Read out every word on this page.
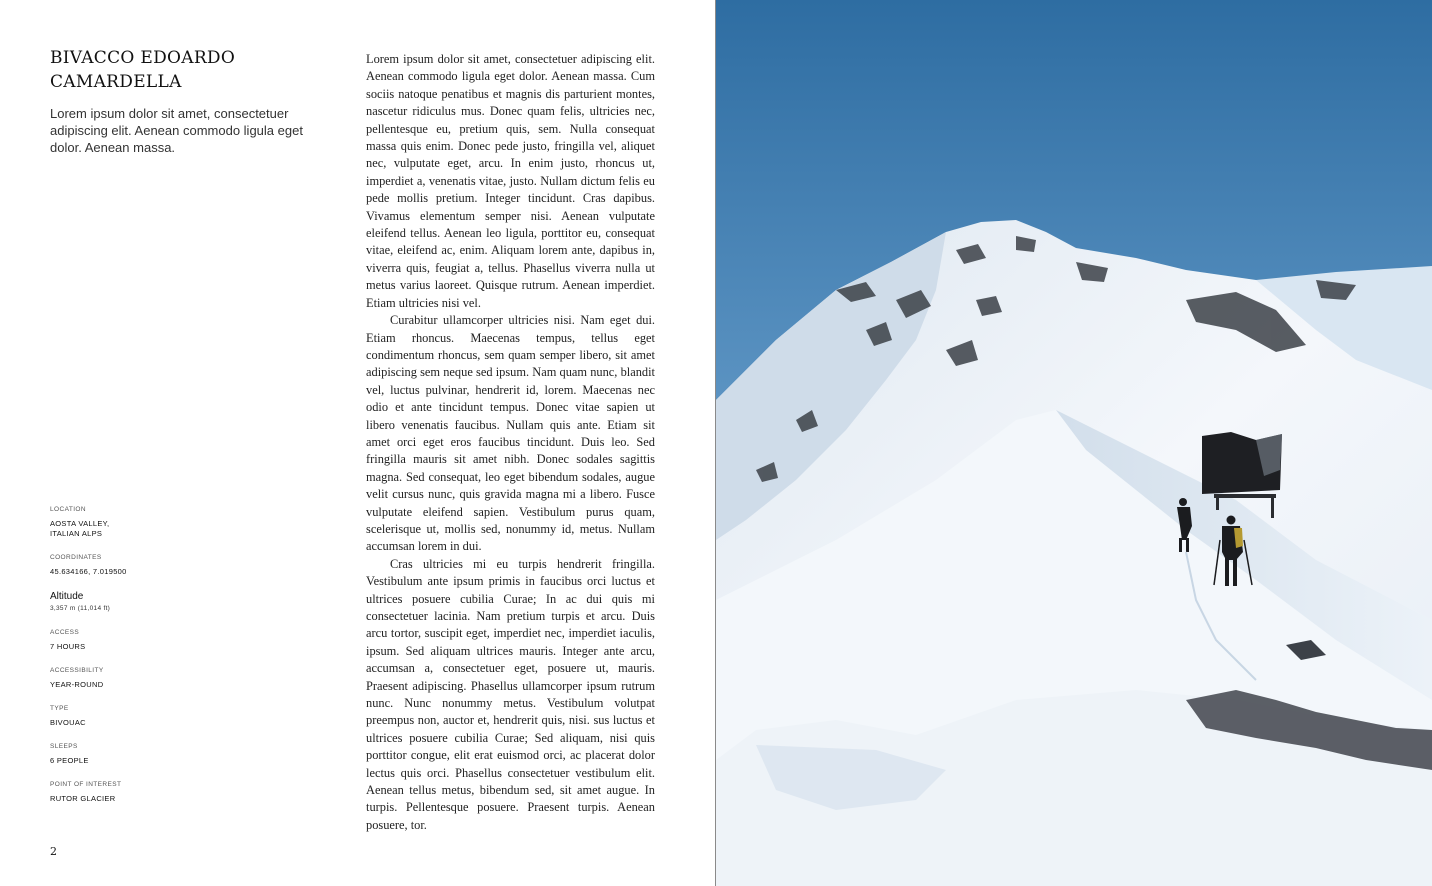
BIVACCO EDOARDO
CAMARDELLA

Lorem ipsum dolor sit amet, consectetuer adipiscing elit. Aenean commodo ligula eget dolor. Aenean massa.

LOCATION
AOSTA VALLEY,
ITALIAN ALPS
COORDINATES
45.634166, 7.019500
Altitude
3,357 m (11,014 ft)
ACCESS
7 HOURS
ACCESSIBILITY
YEAR-ROUND
TYPE
BIVOUAC
SLEEPS
6 PEOPLE
POINT OF INTEREST
RUTOR GLACIER
2

Lorem ipsum dolor sit amet, consectetuer adipiscing elit. Aenean commodo ligula eget dolor. Aenean massa. Cum sociis natoque penatibus et magnis dis parturient montes, nascetur ridiculus mus. Donec quam felis, ultricies nec, pellentesque eu, pretium quis, sem. Nulla consequat massa quis enim. Donec pede justo, fringilla vel, aliquet nec, vulputate eget, arcu. In enim justo, rhoncus ut, imperdiet a, venenatis vitae, justo. Nullam dictum felis eu pede mollis pretium. Integer tincidunt. Cras dapibus. Vivamus elementum semper nisi. Aenean vulputate eleifend tellus. Aenean leo ligula, porttitor eu, consequat vitae, eleifend ac, enim. Aliquam lorem ante, dapibus in, viverra quis, feugiat a, tellus. Phasellus viverra nulla ut metus varius laoreet. Quisque rutrum. Aenean imperdiet. Etiam ultricies nisi vel.

Curabitur ullamcorper ultricies nisi. Nam eget dui. Etiam rhoncus. Maecenas tempus, tellus eget condimentum rhoncus, sem quam semper libero, sit amet adipiscing sem neque sed ipsum. Nam quam nunc, blandit vel, luctus pulvinar, hendrerit id, lorem. Maecenas nec odio et ante tincidunt tempus. Donec vitae sapien ut libero venenatis faucibus. Nullam quis ante. Etiam sit amet orci eget eros faucibus tincidunt. Duis leo. Sed fringilla mauris sit amet nibh. Donec sodales sagittis magna. Sed consequat, leo eget bibendum sodales, augue velit cursus nunc, quis gravida magna mi a libero. Fusce vulputate eleifend sapien. Vestibulum purus quam, scelerisque ut, mollis sed, nonummy id, metus. Nullam accumsan lorem in dui.

Cras ultricies mi eu turpis hendrerit fringilla. Vestibulum ante ipsum primis in faucibus orci luctus et ultrices posuere cubilia Curae; In ac dui quis mi consectetuer lacinia. Nam pretium turpis et arcu. Duis arcu tortor, suscipit eget, imperdiet nec, imperdiet iaculis, ipsum. Sed aliquam ultrices mauris. Integer ante arcu, accumsan a, consectetuer eget, posuere ut, mauris. Praesent adipiscing. Phasellus ullamcorper ipsum rutrum nunc. Nunc nonummy metus. Vestibulum volutpat preempus non, auctor et, hendrerit quis, nisi. sus luctus et ultrices posuere cubilia Curae; Sed aliquam, nisi quis porttitor congue, elit erat euismod orci, ac placerat dolor lectus quis orci. Phasellus consectetuer vestibulum elit. Aenean tellus metus, bibendum sed, sit amet augue. In turpis. Pellentesque posuere. Praesent turpis. Aenean posuere, tor.
